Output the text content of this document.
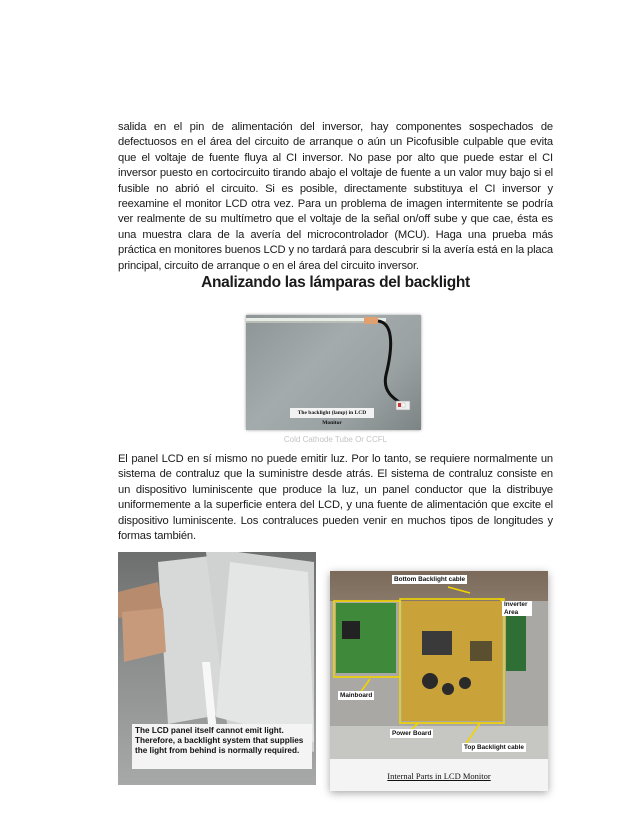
salida en el pin de alimentación del inversor, hay componentes sospechados de defectuosos en el área del circuito de arranque o aún un Picofusible culpable que evita que el voltaje de fuente fluya al CI inversor. No pase por alto que puede estar el CI inversor puesto en cortocircuito tirando abajo el voltaje de fuente a un valor muy bajo si el fusible no abrió el circuito. Si es posible, directamente substituya el CI inversor y reexamine el monitor LCD otra vez. Para un problema de imagen intermitente se podría ver realmente de su multímetro que el voltaje de la señal on/off sube y que cae, ésta es una muestra clara de la avería del microcontrolador (MCU). Haga una prueba más práctica en monitores buenos LCD y no tardará para descubrir si la avería está en la placa principal, circuito de arranque o en el área del circuito inversor.
Analizando las lámparas del backlight
The backlight (lamp) in LCD Monitor
Cold Cathode Tube Or CCFL
El panel LCD en sí mismo no puede emitir luz. Por lo tanto, se requiere normalmente un sistema de contraluz que la suministre desde atrás. El sistema de contraluz consiste en un dispositivo luminiscente que produce la luz, un panel conductor que la distribuye uniformemente a la superficie entera del LCD, y una fuente de alimentación que excite el dispositivo luminiscente. Los contraluces pueden venir en muchos tipos de longitudes y formas también.
The LCD panel itself cannot emit light. Therefore, a backlight system that supplies the light from behind is normally required.
Bottom Backlight cable
Inverter Area
Mainboard
Power Board
Top Backlight cable
Internal Parts in LCD Monitor
